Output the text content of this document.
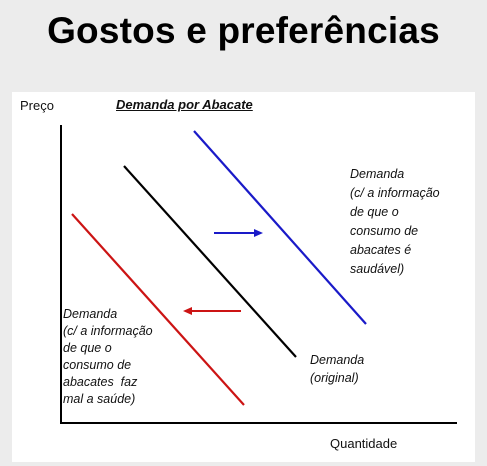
Gostos e preferências
Preço	Demanda por Abacate
Quantidade
Demanda
(c/ a informação
de que o
consumo de
abacates é
saudável)
Demanda
(c/ a informação
de que o
consumo de
abacates  faz
mal a saúde)
Demanda
(original)
